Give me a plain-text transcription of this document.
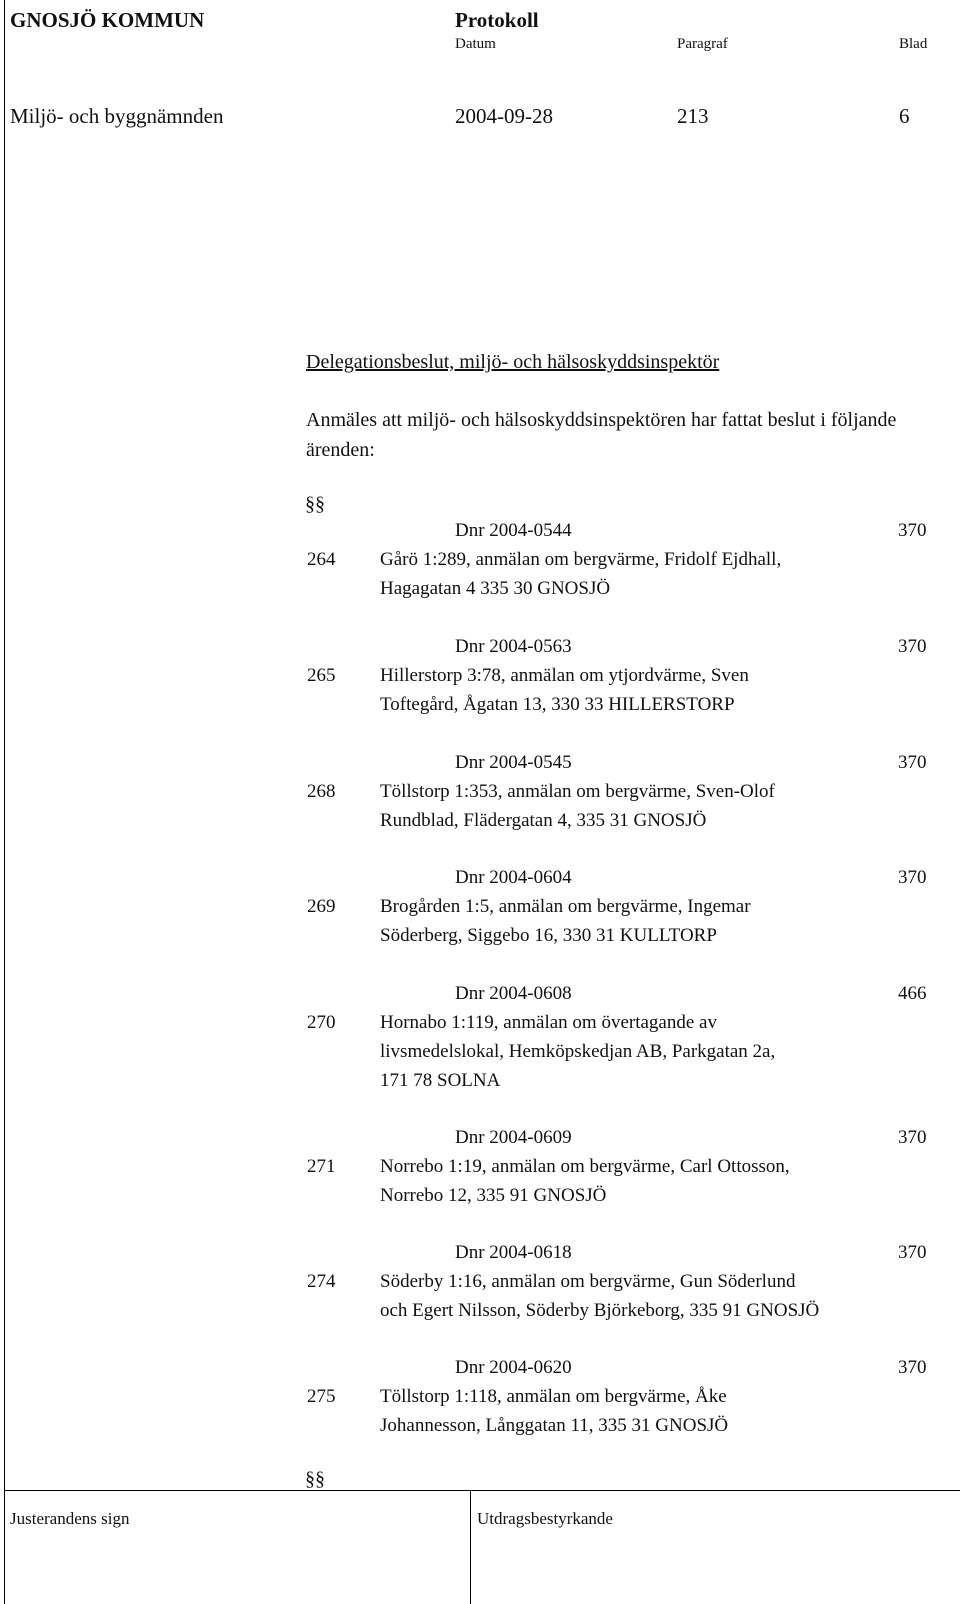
GNOSJÖ KOMMUN	Protokoll
Datum	Paragraf	Blad
Miljö- och byggnämnden	2004-09-28	213	6
Delegationsbeslut, miljö- och hälsoskyddsinspektör
Anmäles att miljö- och hälsoskyddsinspektören har fattat beslut i följande ärenden:
§§
Dnr 2004-0544	370
264 Gårö 1:289, anmälan om bergvärme, Fridolf Ejdhall,
Hagagatan 4 335 30 GNOSJÖ
Dnr 2004-0563	370
265 Hillerstorp 3:78, anmälan om ytjordvärme, Sven
Toftegård, Ågatan 13, 330 33 HILLERSTORP
Dnr 2004-0545	370
268 Töllstorp 1:353, anmälan om bergvärme, Sven-Olof
Rundblad, Flädergatan 4, 335 31 GNOSJÖ
Dnr 2004-0604	370
269 Brogården 1:5, anmälan om bergvärme, Ingemar
Söderberg, Siggebo 16, 330 31 KULLTORP
Dnr 2004-0608	466
270 Hornabo 1:119, anmälan om övertagande av
livsmedelslokal, Hemköpskedjan AB, Parkgatan 2a,
171 78 SOLNA
Dnr 2004-0609	370
271 Norrebo 1:19, anmälan om bergvärme, Carl Ottosson,
Norrebo 12, 335 91 GNOSJÖ
Dnr 2004-0618	370
274 Söderby 1:16, anmälan om bergvärme, Gun Söderlund
och Egert Nilsson, Söderby Björkeborg, 335 91 GNOSJÖ
Dnr 2004-0620	370
275 Töllstorp 1:118, anmälan om bergvärme, Åke
Johannesson, Långgatan 11, 335 31 GNOSJÖ
§§
Justerandens sign	Utdragsbestyrkande
